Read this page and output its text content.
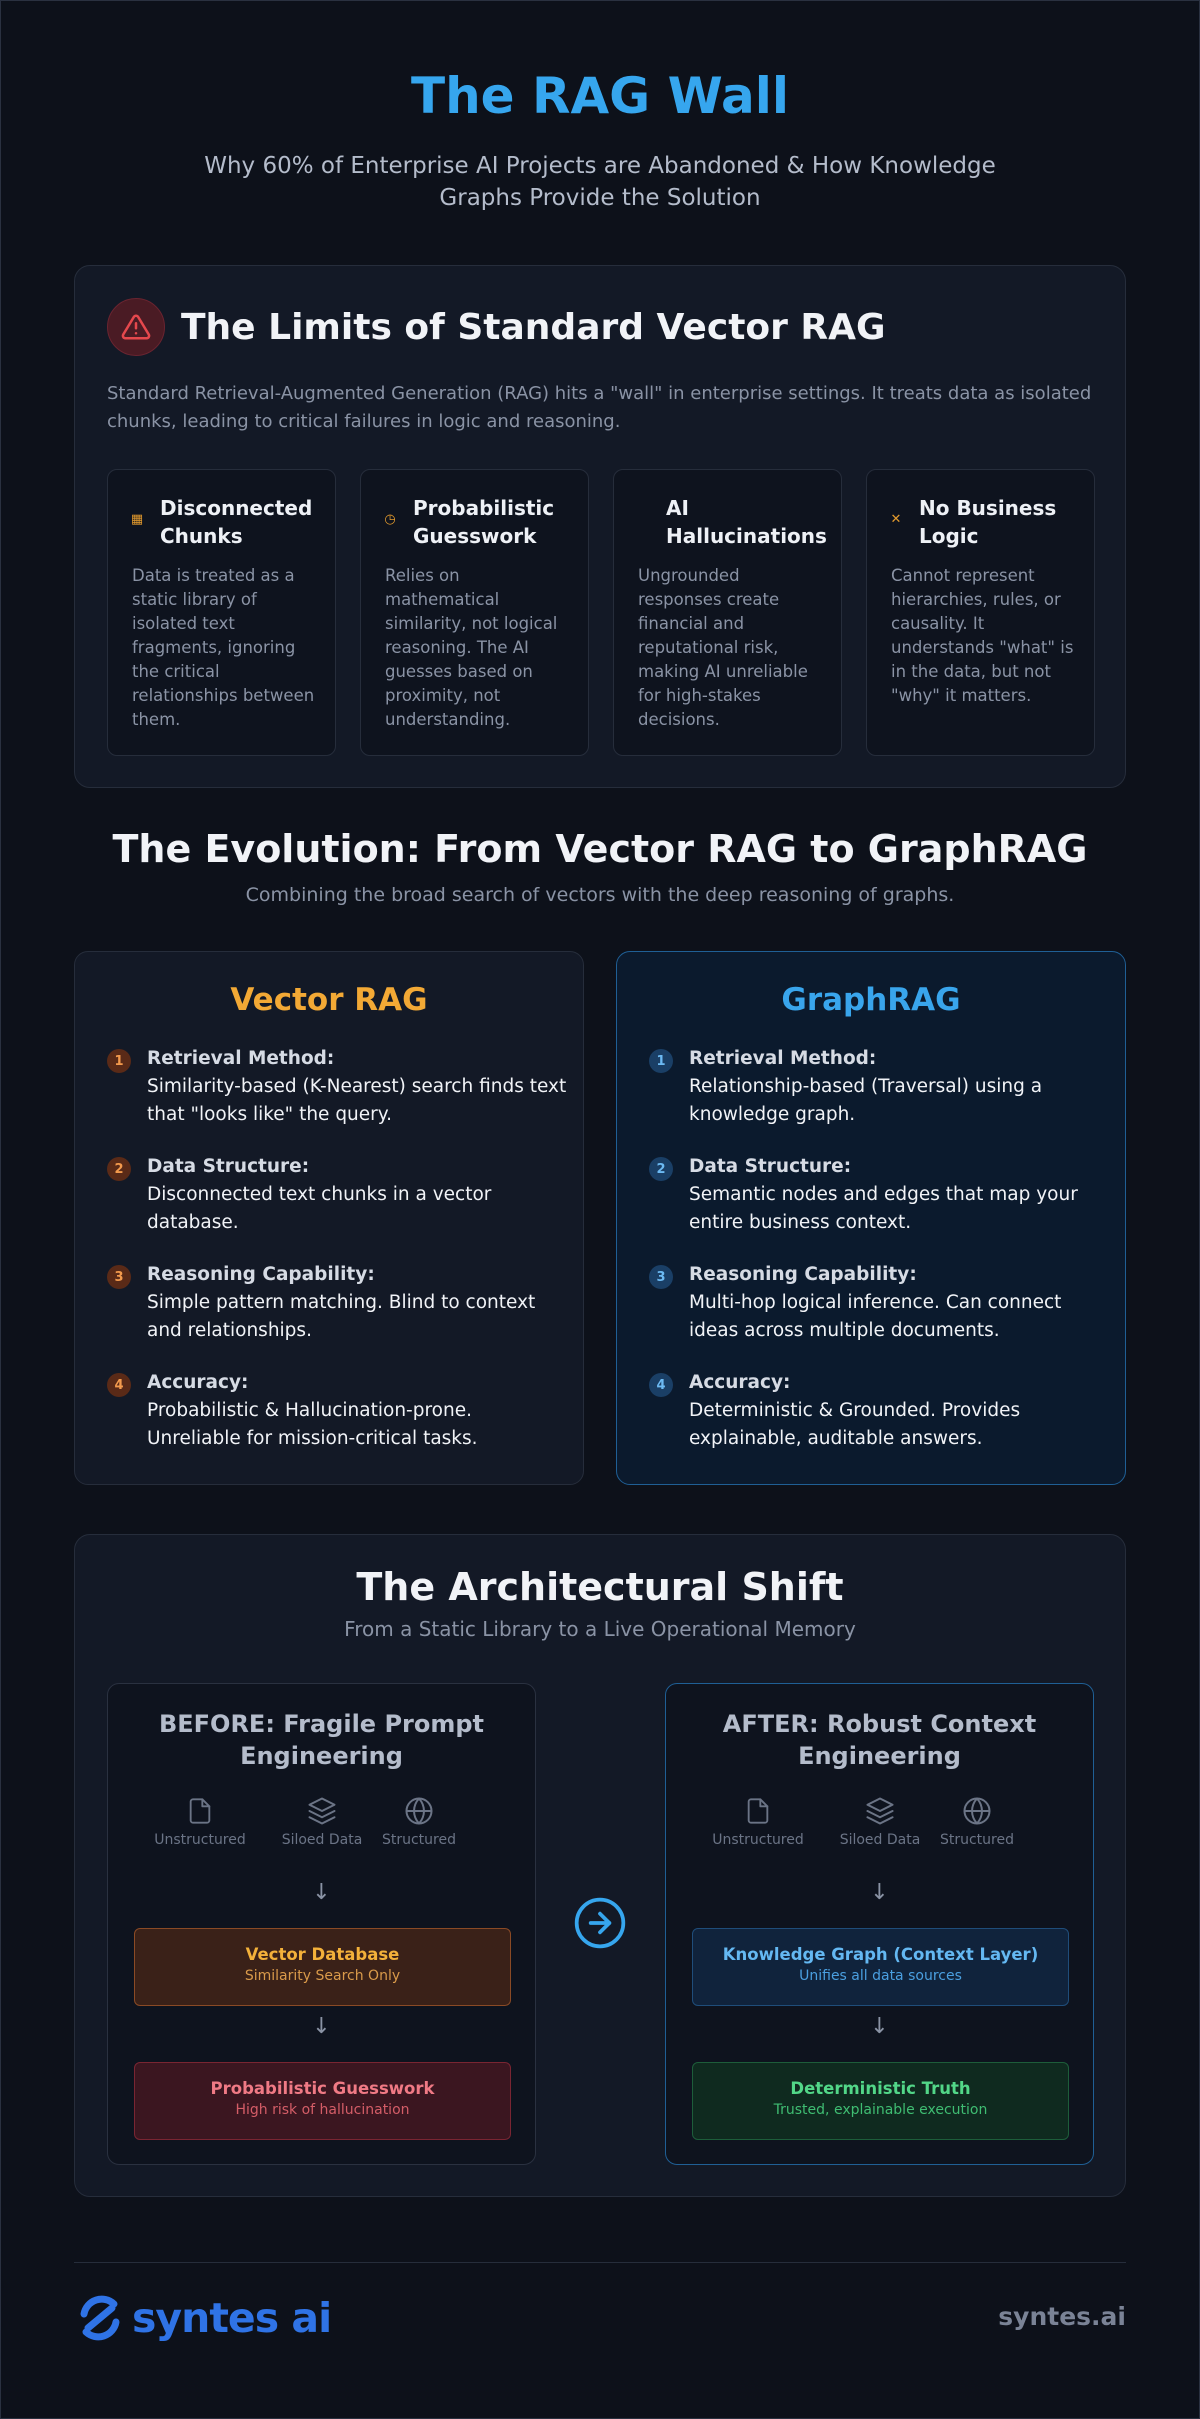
The RAG Wall

Why 60% of Enterprise AI Projects are Abandoned & How Knowledge Graphs Provide the Solution

The Limits of Standard Vector RAG

Standard Retrieval-Augmented Generation (RAG) hits a "wall" in enterprise settings. It treats data as isolated chunks, leading to critical failures in logic and reasoning.

▦ Disconnected Chunks

Data is treated as a static library of isolated text fragments, ignoring the critical relationships between them.

◷ Probabilistic Guesswork

Relies on mathematical similarity, not logical reasoning. The AI guesses based on proximity, not understanding.

AI Hallucinations

Ungrounded responses create financial and reputational risk, making AI unreliable for high-stakes decisions.

✕ No Business Logic

Cannot represent hierarchies, rules, or causality. It understands "what" is in the data, but not "why" it matters.

The Evolution: From Vector RAG to GraphRAG

Combining the broad search of vectors with the deep reasoning of graphs.

Vector RAG
1	Retrieval Method:
Similarity-based (K-Nearest) search finds text that "looks like" the query.
2	Data Structure:
Disconnected text chunks in a vector database.
3	Reasoning Capability:
Simple pattern matching. Blind to context and relationships.
4	Accuracy:
Probabilistic & Hallucination-prone. Unreliable for mission-critical tasks.
GraphRAG
1	Retrieval Method:
Relationship-based (Traversal) using a knowledge graph.
2	Data Structure:
Semantic nodes and edges that map your entire business context.
3	Reasoning Capability:
Multi-hop logical inference. Can connect ideas across multiple documents.
4	Accuracy:
Deterministic & Grounded. Provides explainable, auditable answers.
The Architectural Shift

From a Static Library to a Live Operational Memory

BEFORE: Fragile Prompt Engineering
Unstructured	Siloed Data	Structured
↓
Vector Database
Similarity Search Only
↓
Probabilistic Guesswork
High risk of hallucination
AFTER: Robust Context Engineering
Unstructured	Siloed Data	Structured
↓
Knowledge Graph (Context Layer)
Unifies all data sources
↓
Deterministic Truth
Trusted, explainable execution
syntes ai	syntes.ai
